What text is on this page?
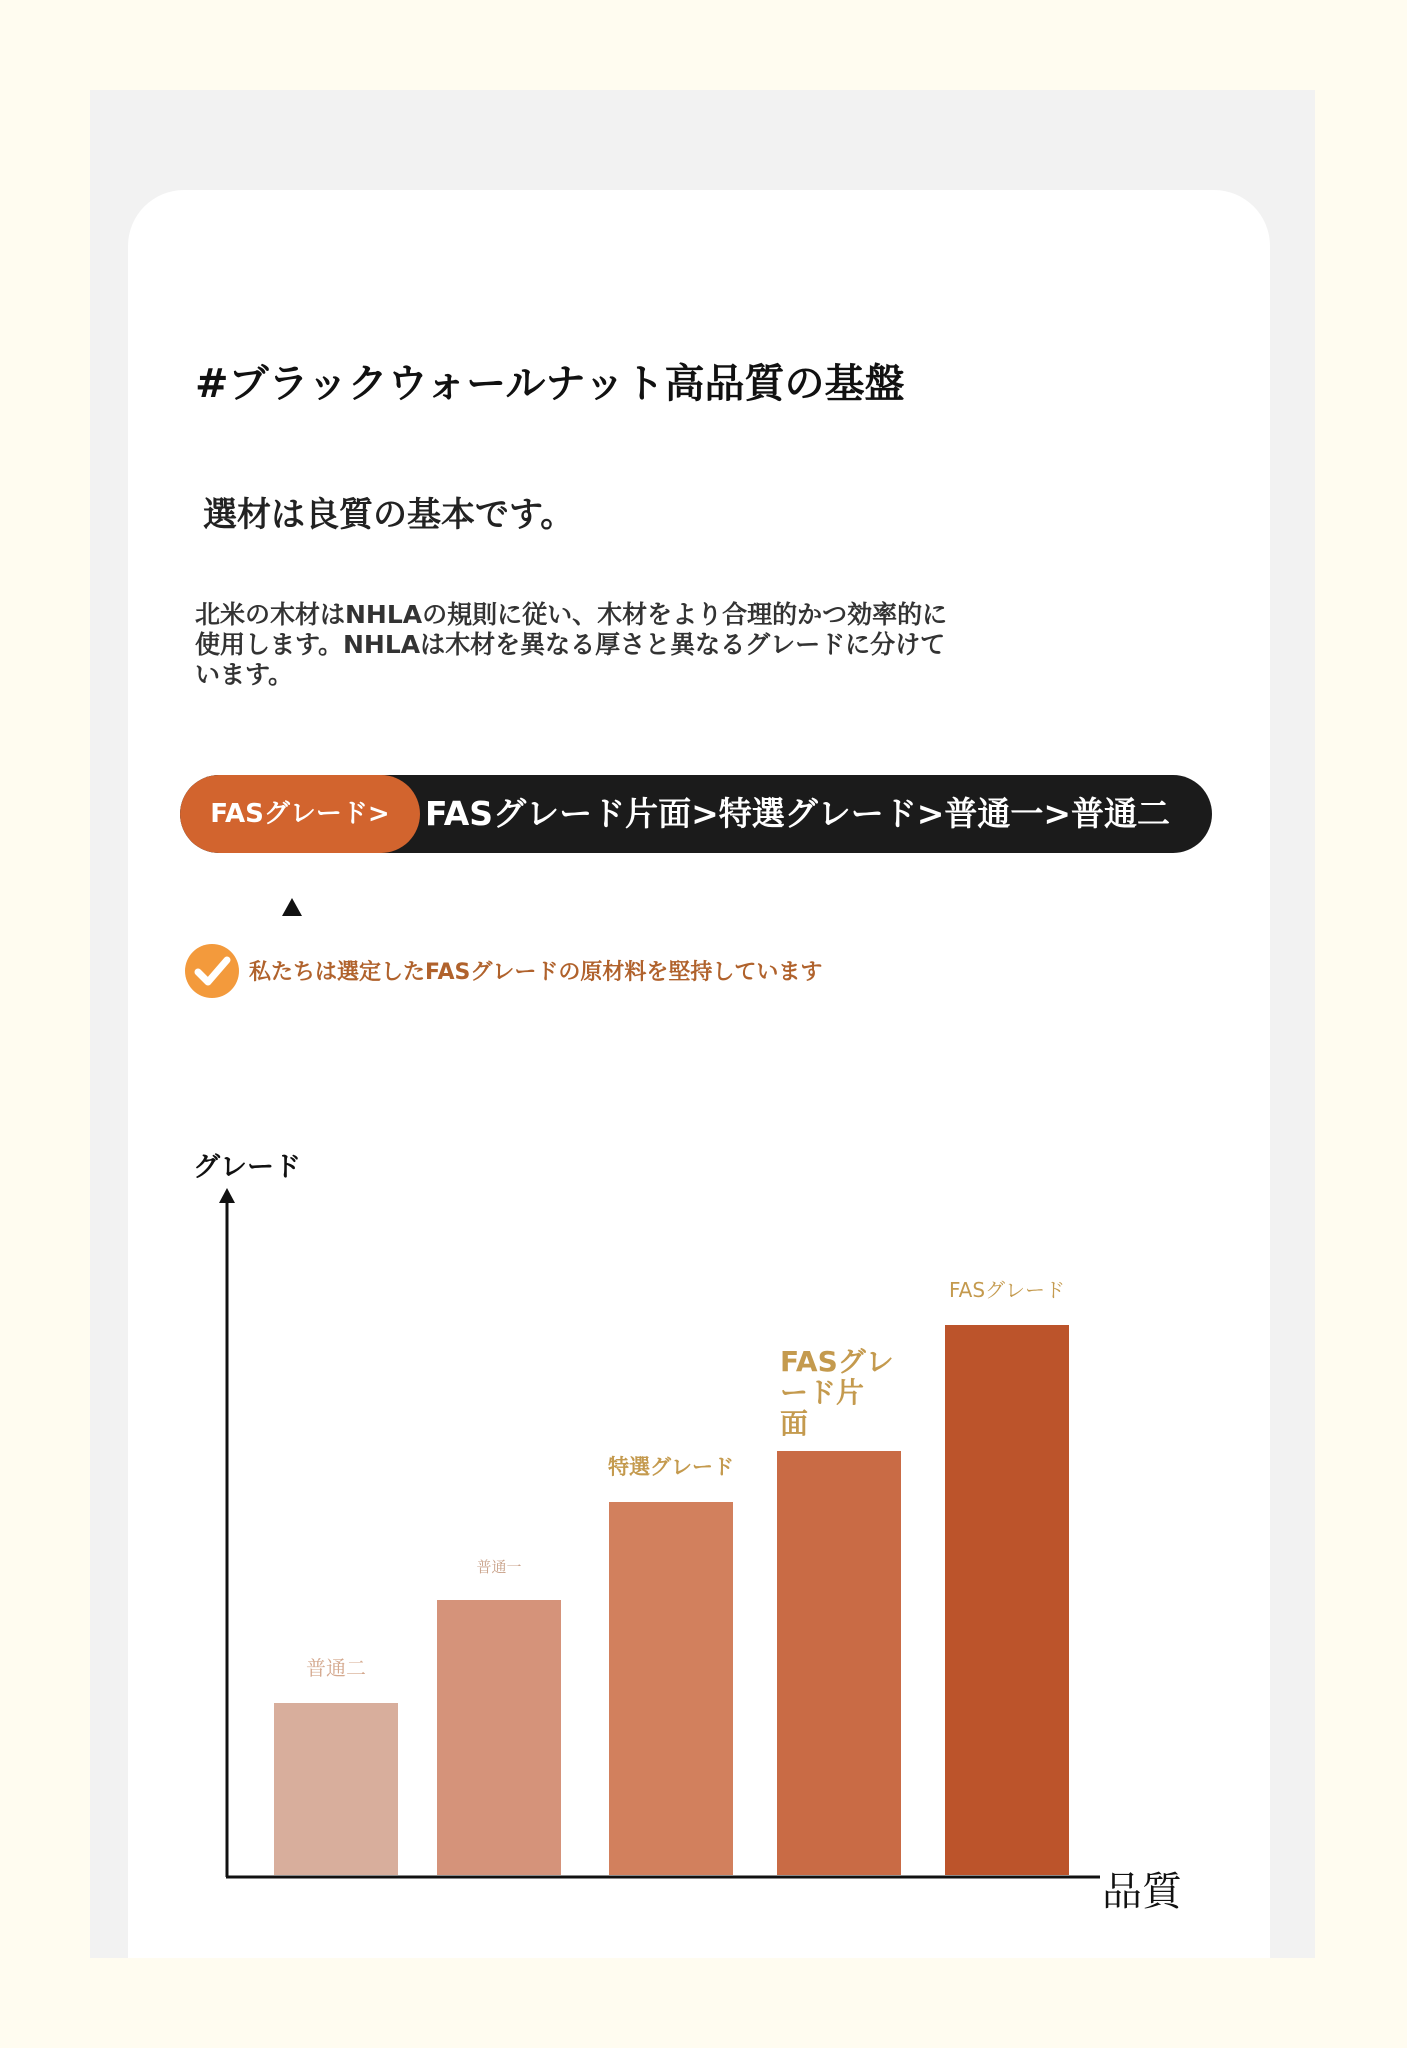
#ブラックウォールナット高品質の基盤
選材は良質の基本です。

北米の木材はNHLAの規則に従い、木材をより合理的かつ効率的に使用します。NHLAは木材を異なる厚さと異なるグレードに分けています。

FASグレード>	FASグレード片面>特選グレード>普通一>普通二
私たちは選定したFASグレードの原材料を堅持しています
グレード
品質
普通二
普通一
特選グレード
FASグレ
ード片
面
FASグレード
